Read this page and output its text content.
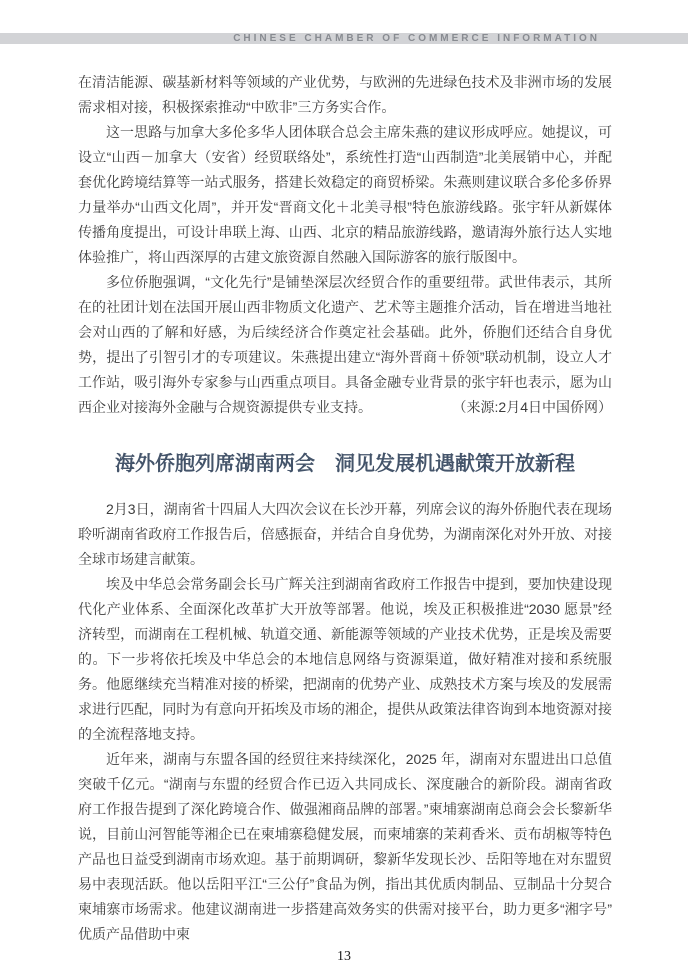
CHINESE CHAMBER OF COMMERCE INFORMATION

在清洁能源、碳基新材料等领域的产业优势，与欧洲的先进绿色技术及非洲市场的发展需求相对接，积极探索推动“中欧非”三方务实合作。

这一思路与加拿大多伦多华人团体联合总会主席朱燕的建议形成呼应。她提议，可设立“山西－加拿大（安省）经贸联络处”，系统性打造“山西制造”北美展销中心，并配套优化跨境结算等一站式服务，搭建长效稳定的商贸桥梁。朱燕则建议联合多伦多侨界力量举办“山西文化周”，并开发“晋商文化＋北美寻根”特色旅游线路。张宇轩从新媒体传播角度提出，可设计串联上海、山西、北京的精品旅游线路，邀请海外旅行达人实地体验推广，将山西深厚的古建文旅资源自然融入国际游客的旅行版图中。

多位侨胞强调，“文化先行”是铺垫深层次经贸合作的重要纽带。武世伟表示，其所在的社团计划在法国开展山西非物质文化遗产、艺术等主题推介活动，旨在增进当地社会对山西的了解和好感，为后续经济合作奠定社会基础。此外，侨胞们还结合自身优势，提出了引智引才的专项建议。朱燕提出建立“海外晋商＋侨领”联动机制，设立人才工作站，吸引海外专家参与山西重点项目。具备金融专业背景的张宇轩也表示，愿为山西企业对接海外金融与合规资源提供专业支持。	（来源:2月4日中国侨网）

海外侨胞列席湖南两会　洞见发展机遇献策开放新程

2月3日，湖南省十四届人大四次会议在长沙开幕，列席会议的海外侨胞代表在现场聆听湖南省政府工作报告后，倍感振奋，并结合自身优势，为湖南深化对外开放、对接全球市场建言献策。

埃及中华总会常务副会长马广辉关注到湖南省政府工作报告中提到，要加快建设现代化产业体系、全面深化改革扩大开放等部署。他说，埃及正积极推进“2030 愿景”经济转型，而湖南在工程机械、轨道交通、新能源等领域的产业技术优势，正是埃及需要的。下一步将依托埃及中华总会的本地信息网络与资源渠道，做好精准对接和系统服务。他愿继续充当精准对接的桥梁，把湖南的优势产业、成熟技术方案与埃及的发展需求进行匹配，同时为有意向开拓埃及市场的湘企，提供从政策法律咨询到本地资源对接的全流程落地支持。

近年来，湖南与东盟各国的经贸往来持续深化，2025 年，湖南对东盟进出口总值突破千亿元。“湖南与东盟的经贸合作已迈入共同成长、深度融合的新阶段。湖南省政府工作报告提到了深化跨境合作、做强湘商品牌的部署。”柬埔寨湖南总商会会长黎新华说，目前山河智能等湘企已在柬埔寨稳健发展，而柬埔寨的茉莉香米、贡布胡椒等特色产品也日益受到湖南市场欢迎。基于前期调研，黎新华发现长沙、岳阳等地在对东盟贸易中表现活跃。他以岳阳平江“三公仔”食品为例，指出其优质肉制品、豆制品十分契合柬埔寨市场需求。他建议湖南进一步搭建高效务实的供需对接平台，助力更多“湘字号”优质产品借助中柬

13
